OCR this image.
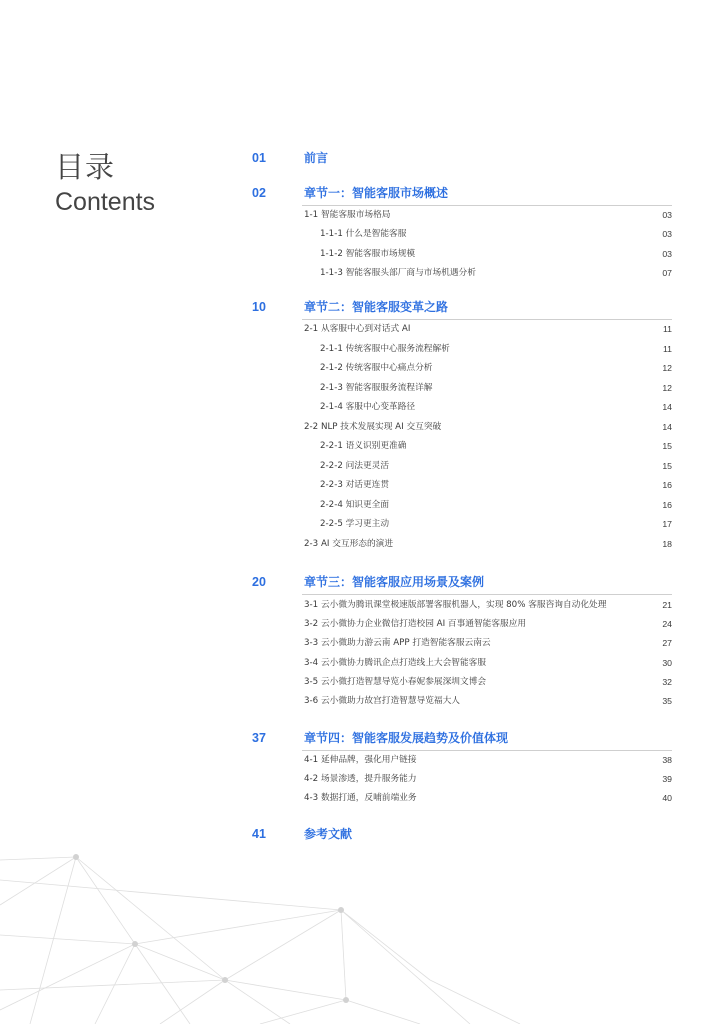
目录
Contents
01	前言
02	章节一：智能客服市场概述
1-1 智能客服市场格局	03
1-1-1 什么是智能客服	03
1-1-2 智能客服市场规模	03
1-1-3 智能客服头部厂商与市场机遇分析	07
10	章节二：智能客服变革之路
2-1 从客服中心到对话式 AI	11
2-1-1 传统客服中心服务流程解析	11
2-1-2 传统客服中心痛点分析	12
2-1-3 智能客服服务流程详解	12
2-1-4 客服中心变革路径	14
2-2 NLP 技术发展实现 AI 交互突破	14
2-2-1 语义识别更准确	15
2-2-2 问法更灵活	15
2-2-3 对话更连贯	16
2-2-4 知识更全面	16
2-2-5 学习更主动	17
2-3 AI 交互形态的演进	18
20	章节三：智能客服应用场景及案例
3-1 云小微为腾讯课堂极速版部署客服机器人，实现 80% 客服咨询自动化处理	21
3-2 云小微协力企业微信打造校园 AI 百事通智能客服应用	24
3-3 云小微助力游云南 APP 打造智能客服云南云	27
3-4 云小微协力腾讯企点打造线上大会智能客服	30
3-5 云小微打造智慧导览小春妮参展深圳文博会	32
3-6 云小微助力故宫打造智慧导览福大人	35
37	章节四：智能客服发展趋势及价值体现
4-1 延伸品牌，强化用户链接	38
4-2 场景渗透，提升服务能力	39
4-3 数据打通，反哺前端业务	40
41	参考文献
